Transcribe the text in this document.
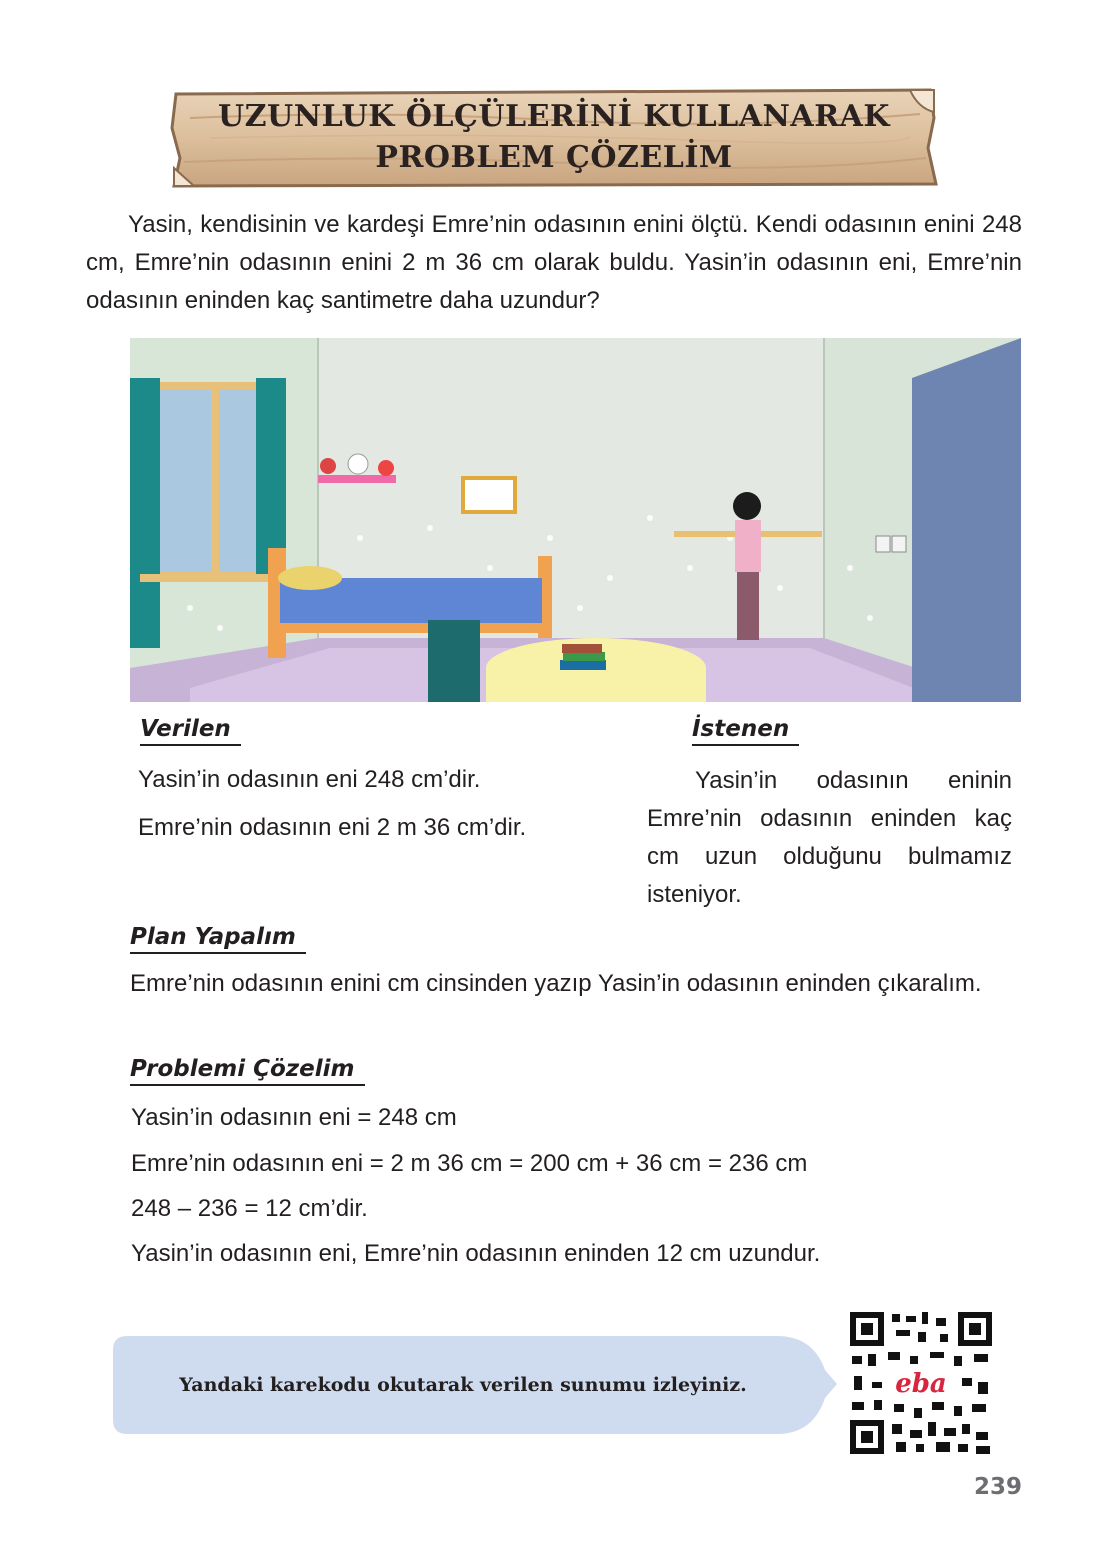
UZUNLUK ÖLÇÜLERİNİ KULLANARAK
PROBLEM ÇÖZELİM

Yasin, kendisinin ve kardeşi Emre’nin odasının enini ölçtü. Kendi odasının enini 248 cm, Emre’nin odasının enini 2 m 36 cm olarak buldu. Yasin’in odasının eni, Emre’nin odasının eninden kaç santimetre daha uzundur?

Verilen
Yasin’in odasının eni 248 cm’dir.
Emre’nin odasının eni 2 m 36 cm’dir.
İstenen

Yasin’in odasının eninin Emre’nin odasının eninden kaç cm uzun olduğunu bulmamız isteniyor.

Plan Yapalım

Emre’nin odasının enini cm cinsinden yazıp Yasin’in odasının eninden çıkaralım.

Problemi Çözelim
Yasin’in odasının eni = 248 cm
Emre’nin odasının eni = 2 m 36 cm = 200 cm + 36 cm = 236 cm
248 – 236 = 12 cm’dir.
Yasin’in odasının eni, Emre’nin odasının eninden 12 cm uzundur.
Yandaki karekodu okutarak verilen sunumu izleyiniz.	eba
239
